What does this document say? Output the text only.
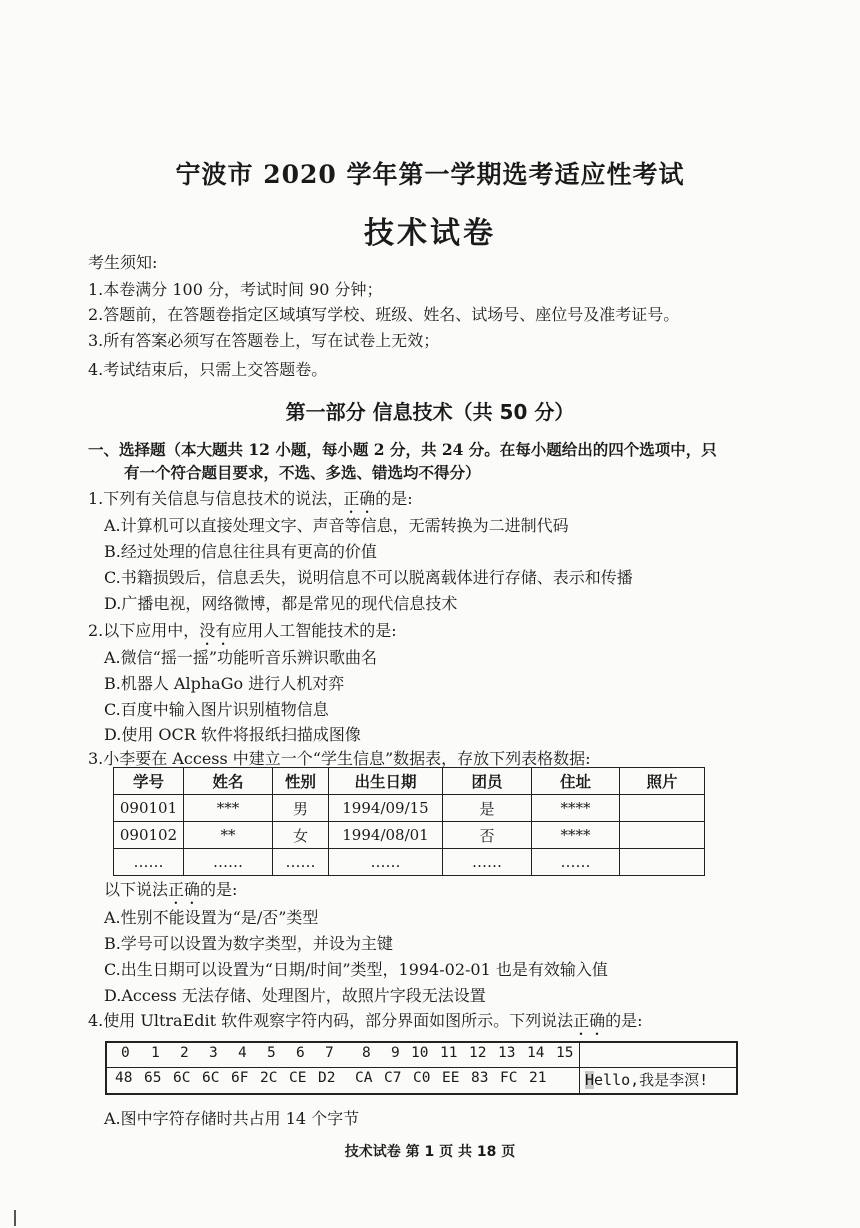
宁波市 2020 学年第一学期选考适应性考试
技术试卷
考生须知:
1.本卷满分 100 分，考试时间 90 分钟；
2.答题前，在答题卷指定区域填写学校、班级、姓名、试场号、座位号及准考证号。
3.所有答案必须写在答题卷上，写在试卷上无效；
4.考试结束后，只需上交答题卷。
第一部分 信息技术（共 50 分）
一、选择题（本大题共 12 小题，每小题 2 分，共 24 分。在每小题给出的四个选项中，只
有一个符合题目要求，不选、多选、错选均不得分）
1.下列有关信息与信息技术的说法，正确的是:
A.计算机可以直接处理文字、声音等信息，无需转换为二进制代码
B.经过处理的信息往往具有更高的价值
C.书籍损毁后，信息丢失，说明信息不可以脱离载体进行存储、表示和传播
D.广播电视，网络微博，都是常见的现代信息技术
2.以下应用中，没有应用人工智能技术的是:
A.微信“摇一摇”功能听音乐辨识歌曲名
B.机器人 AlphaGo 进行人机对弈
C.百度中输入图片识别植物信息
D.使用 OCR 软件将报纸扫描成图像
3.小李要在 Access 中建立一个“学生信息”数据表，存放下列表格数据:
学号	姓名	性别	出生日期	团员	住址	照片
090101	***	男	1994/09/15	是	****	
090102	**	女	1994/08/01	否	****	
……	……	……	……	……	……	
以下说法正确的是:
A.性别不能设置为“是/否”类型
B.学号可以设置为数字类型，并设为主键
C.出生日期可以设置为“日期/时间”类型，1994-02-01 也是有效输入值
D.Access 无法存储、处理图片，故照片字段无法设置
4.使用 UltraEdit 软件观察字符内码，部分界面如图所示。下列说法正确的是:
0 1 2 3 4 5 6 7 8 9 10 11 12 13 14 15
48 65 6C 6C 6F 2C CE D2 CA C7 C0 EE 83 FC 21	Hello,我是李溟!
A.图中字符存储时共占用 14 个字节
技术试卷 第 1 页 共 18 页
